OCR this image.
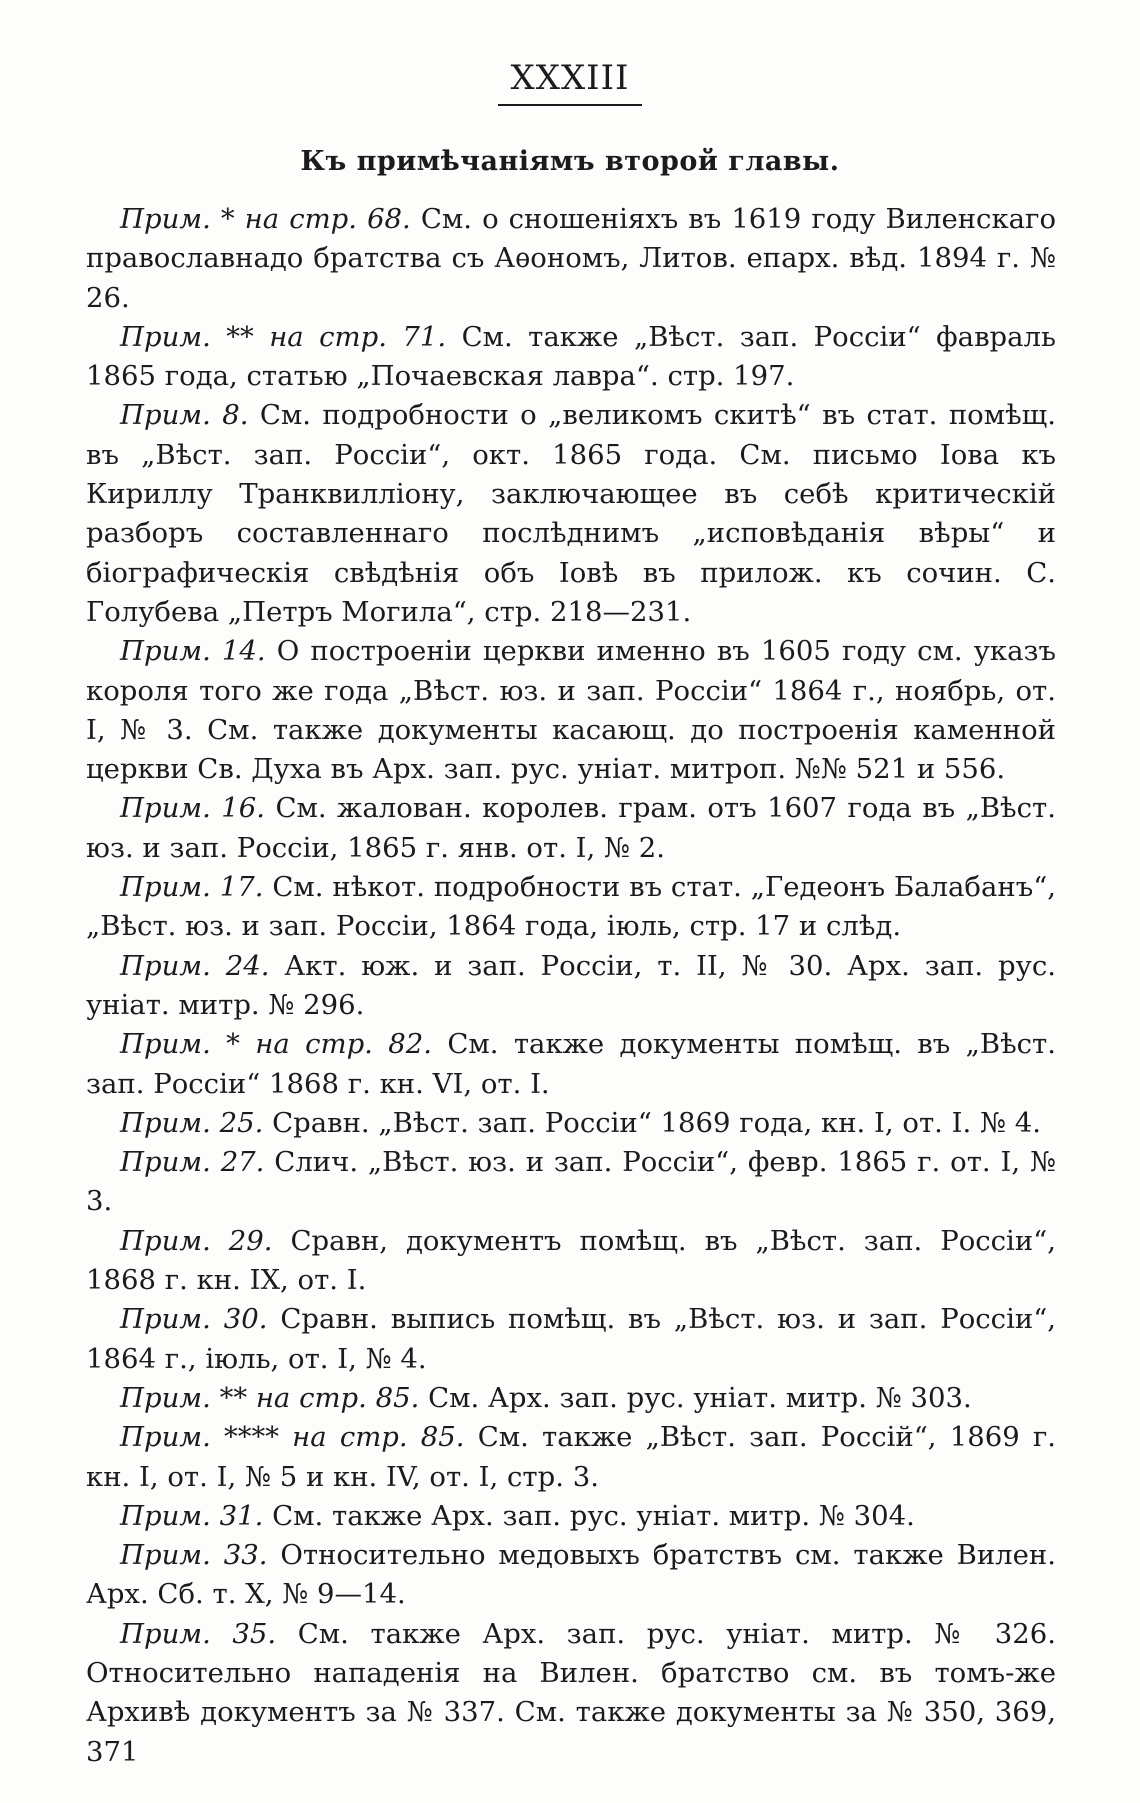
XXXIII
Къ примѣчаніямъ второй главы.

Прим. * на стр. 68. См. о сношеніяхъ въ 1619 году Виленскаго православнадо братства съ Аѳономъ, Литов. епарх. вѣд. 1894 г. № 26.

Прим. ** на стр. 71. См. также „Вѣст. зап. Россіи“ фавраль 1865 года, статью „Почаевская лавра“. стр. 197.

Прим. 8. См. подробности о „великомъ скитѣ“ въ стат. помѣщ. въ „Вѣст. зап. Россіи“, окт. 1865 года. См. письмо Іова къ Кириллу Транквилліону, заключающее въ себѣ критическій разборъ составленнаго послѣднимъ „исповѣданія вѣры“ и біографическія свѣдѣнія объ Іовѣ въ прилож. къ сочин. С. Голубева „Петръ Могила“, стр. 218—231.

Прим. 14. О построеніи церкви именно въ 1605 году см. указъ короля того же года „Вѣст. юз. и зап. Россіи“ 1864 г., ноябрь, от. I, № 3. См. также документы касающ. до построенія каменной церкви Св. Духа въ Арх. зап. рус. уніат. митроп. №№ 521 и 556.

Прим. 16. См. жалован. королев. грам. отъ 1607 года въ „Вѣст. юз. и зап. Россіи, 1865 г. янв. от. I, № 2.

Прим. 17. См. нѣкот. подробности въ стат. „Гедеонъ Балабанъ“, „Вѣст. юз. и зап. Россіи, 1864 года, іюль, стр. 17 и слѣд.

Прим. 24. Акт. юж. и зап. Россіи, т. II, № 30. Арх. зап. рус. уніат. митр. № 296.

Прим. * на стр. 82. См. также документы помѣщ. въ „Вѣст. зап. Россіи“ 1868 г. кн. VI, от. I.

Прим. 25. Сравн. „Вѣст. зап. Россіи“ 1869 года, кн. I, от. I. № 4.

Прим. 27. Слич. „Вѣст. юз. и зап. Россіи“, февр. 1865 г. от. I, № 3.

Прим. 29. Сравн, документъ помѣщ. въ „Вѣст. зап. Россіи“, 1868 г. кн. IX, от. I.

Прим. 30. Сравн. выпись помѣщ. въ „Вѣст. юз. и зап. Россіи“, 1864 г., іюль, от. I, № 4.

Прим. ** на стр. 85. См. Арх. зап. рус. уніат. митр. № 303.

Прим. **** на стр. 85. См. также „Вѣст. зап. Россій“, 1869 г. кн. I, от. I, № 5 и кн. IV, от. I, стр. 3.

Прим. 31. См. также Арх. зап. рус. уніат. митр. № 304.

Прим. 33. Относительно медовыхъ братствъ см. также Вилен. Арх. Сб. т. X, № 9—14.

Прим. 35. См. также Арх. зап. рус. уніат. митр. № 326. Относительно нападенія на Вилен. братство см. въ томъ-же Архивѣ документъ за № 337. См. также документы за № 350, 369, 371
